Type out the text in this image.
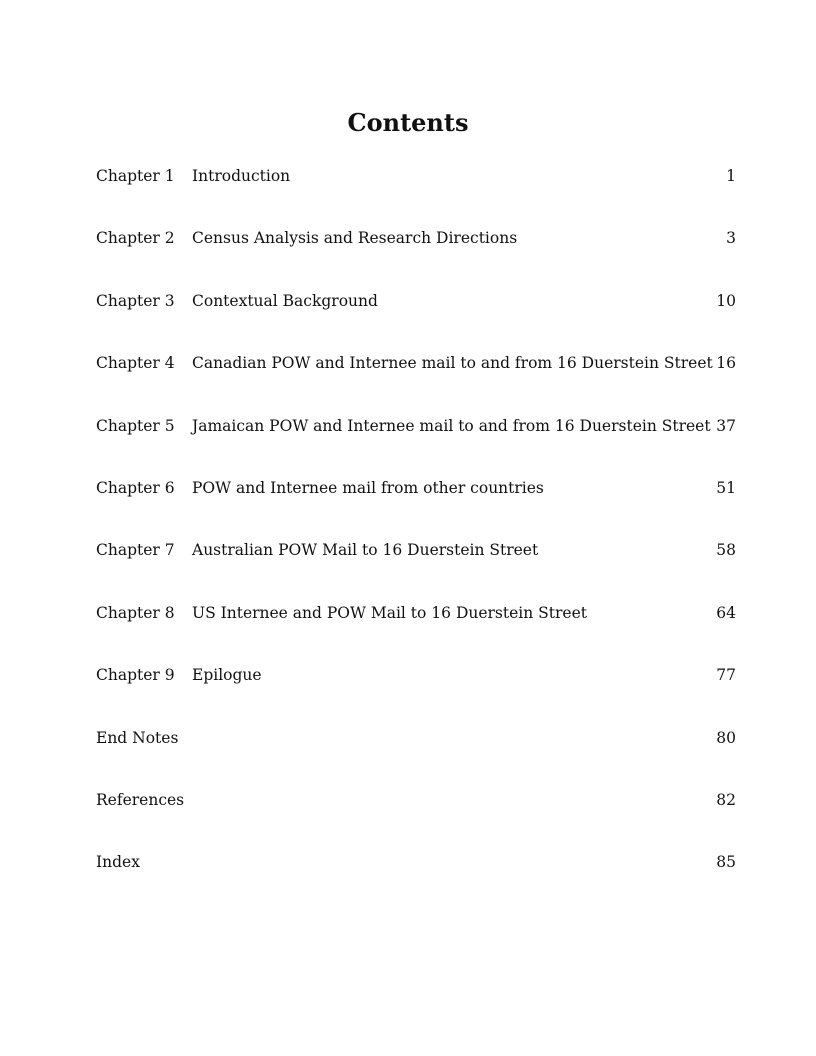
Contents
Chapter 1 Introduction	1
Chapter 2 Census Analysis and Research Directions	3
Chapter 3 Contextual Background	10
Chapter 4 Canadian POW and Internee mail to and from 16 Duerstein Street 16
Chapter 5 Jamaican POW and Internee mail to and from 16 Duerstein Street 37
Chapter 6 POW and Internee mail from other countries	51
Chapter 7 Australian POW Mail to 16 Duerstein Street	58
Chapter 8 US Internee and POW Mail to 16 Duerstein Street	64
Chapter 9 Epilogue	77
End Notes	80
References	82
Index	85
